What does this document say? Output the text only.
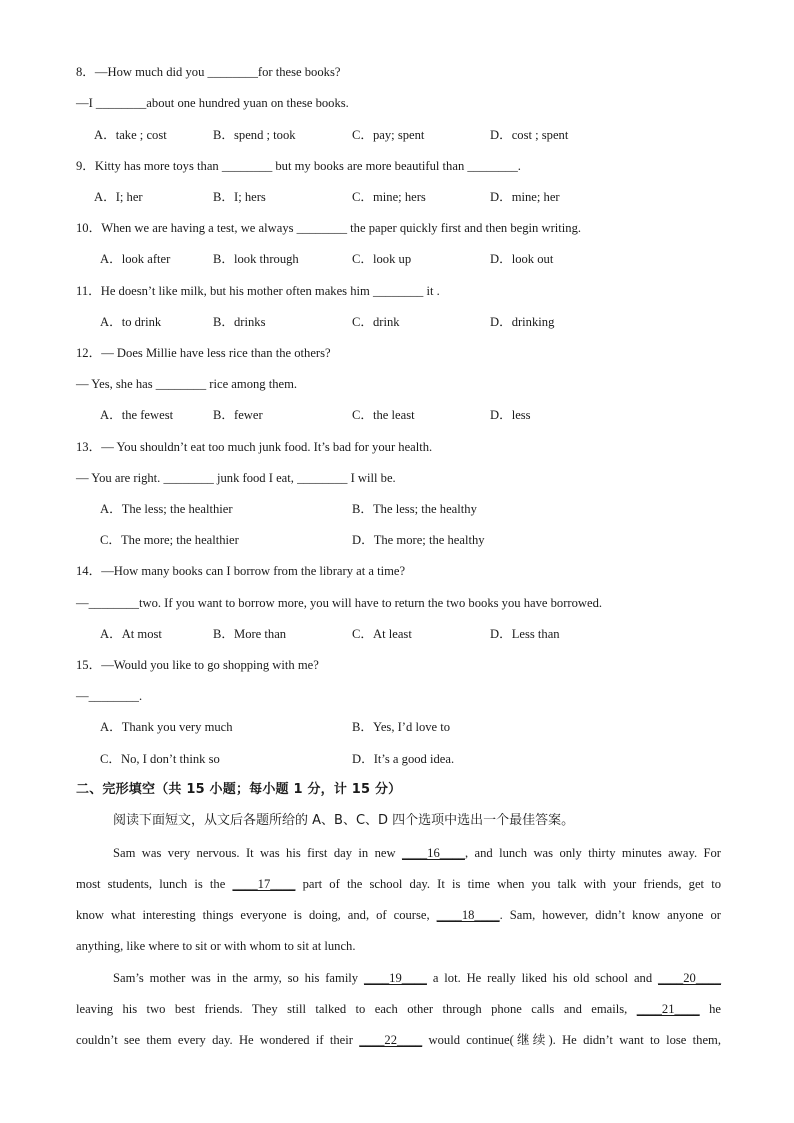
8．—How much did you ________for these books?
—I ________about one hundred yuan on these books.
A．take ; cost	B．spend ; took	C．pay; spent	D．cost ; spent
9．Kitty has more toys than ________ but my books are more beautiful than ________.
A．I; her	B．I; hers	C．mine; hers	D．mine; her
10．When we are having a test, we always ________ the paper quickly first and then begin writing.
A．look after	B．look through	C．look up	D．look out
11．He doesn’t like milk, but his mother often makes him ________ it .
A．to drink	B．drinks	C．drink	D．drinking
12．— Does Millie have less rice than the others?
— Yes, she has ________ rice among them.
A．the fewest	B．fewer	C．the least	D．less
13．— You shouldn’t eat too much junk food. It’s bad for your health.
— You are right. ________ junk food I eat, ________ I will be.
A．The less; the healthier	B．The less; the healthy
C．The more; the healthier	D．The more; the healthy
14．—How many books can I borrow from the library at a time?
—________two. If you want to borrow more, you will have to return the two books you have borrowed.
A．At most	B．More than	C．At least	D．Less than
15．—Would you like to go shopping with me?
—________.
A．Thank you very much	B．Yes, I’d love to
C．No, I don’t think so	D．It’s a good idea.
二、完形填空（共 15 小题；每小题 1 分，计 15 分）
阅读下面短文，从文后各题所给的 A、B、C、D 四个选项中选出一个最佳答案。
Sam was very nervous. It was his first day in new ____16____, and lunch was only thirty minutes away. For
most students, lunch is the ____17____ part of the school day. It is time when you talk with your friends, get to
know what interesting things everyone is doing, and, of course, ____18____. Sam, however, didn’t know anyone or
anything, like where to sit or with whom to sit at lunch.
Sam’s mother was in the army, so his family ____19____ a lot. He really liked his old school and ____20____
leaving his two best friends. They still talked to each other through phone calls and emails, ____21____ he
couldn’t see them every day. He wondered if their ____22____ would continue(继续). He didn’t want to lose them,
